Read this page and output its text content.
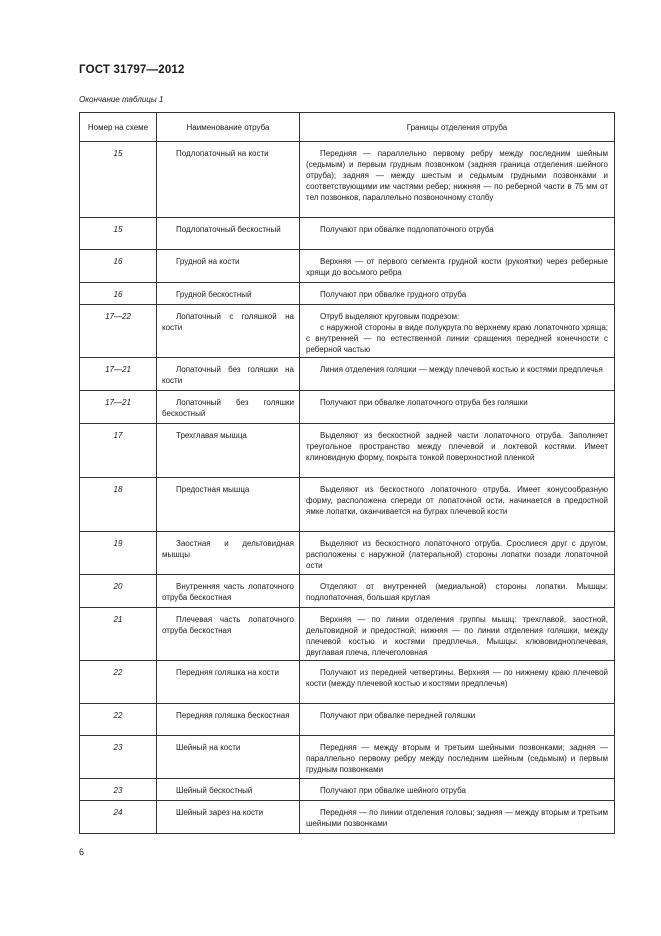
ГОСТ 31797—2012
Окончание таблицы 1
Номер на схеме	Наименование отруба	Границы отделения отруба
15	Подлопаточный на кости	Передняя — параллельно первому ребру между последним шейным (седьмым) и первым грудным позвонком (задняя граница отделения шейного отруба); задняя — между шестым и седьмым грудными позвонками и соответствующими им частями ребер; нижняя — по реберной части в 75 мм от тел позвонков, параллельно позвоночному столбу

15	Подлопаточный бескостный	Получают при обвалке подлопаточного отруба

16	Грудной на кости	Верхняя — от первого сегмента грудной кости (рукоятки) через реберные хрящи до восьмого ребра

16	Грудной бескостный	Получают при обвалке грудного отруба

17—22	Лопаточный с голяшкой на кости	Отруб выделяют круговым подрезом:
с наружной стороны в виде полукруга по верхнему краю лопаточного хряща; с внутренней — по естественной линии сращения передней конечности с реберной частью

17—21	Лопаточный без голяшки на кости	Линия отделения голяшки — между плечевой костью и костями предплечья

17—21	Лопаточный без голяшки бескостный	Получают при обвалке лопаточного отруба без голяшки

17	Трехглавая мышца	Выделяют из бескостной задней части лопаточного отруба. Заполняет треугольное пространство между плечевой и локтевой костями. Имеет клиновидную форму, покрыта тонкой поверхностной пленкой

18	Предостная мышца	Выделяют из бескостного лопаточного отруба. Имеет конусообразную форму, расположена спереди от лопаточной ости, начинается в предостной ямке лопатки, оканчивается на буграх плечевой кости

19	Заостная и дельтовидная мышцы	Выделяют из бескостного лопаточного отруба. Срослиеся друг с другом, расположены с наружной (латеральной) стороны лопатки позади лопаточной ости

20	Внутренняя часть лопаточного отруба бескостная	Отделяют от внутренней (медиальной) стороны лопатки. Мышцы: подлопаточная, большая круглая

21	Плечевая часть лопаточного отруба бескостная	Верхняя — по линии отделения группы мышц: трехглавой, заостной, дельтовидной и предостной; нижняя — по линии отделения голяшки, между плечевой костью и костями предплечья. Мышцы: клювовидноплечевая, двуглавая плеча, плечеголовная

22	Передняя голяшка на кости	Получают из передней четвертины. Верхняя — по нижнему краю плечевой кости (между плечевой костью и костями предплечья)

22	Передняя голяшка бескостная	Получают при обвалке передней голяшки

23	Шейный на кости	Передняя — между вторым и третьим шейными позвонками; задняя — параллельно первому ребру между последним шейным (седьмым) и первым грудным позвонками

23	Шейный бескостный	Получают при обвалке шейного отруба

24	Шейный зарез на кости	Передняя — по линии отделения головы; задняя — между вторым и третьим шейными позвонками
6
